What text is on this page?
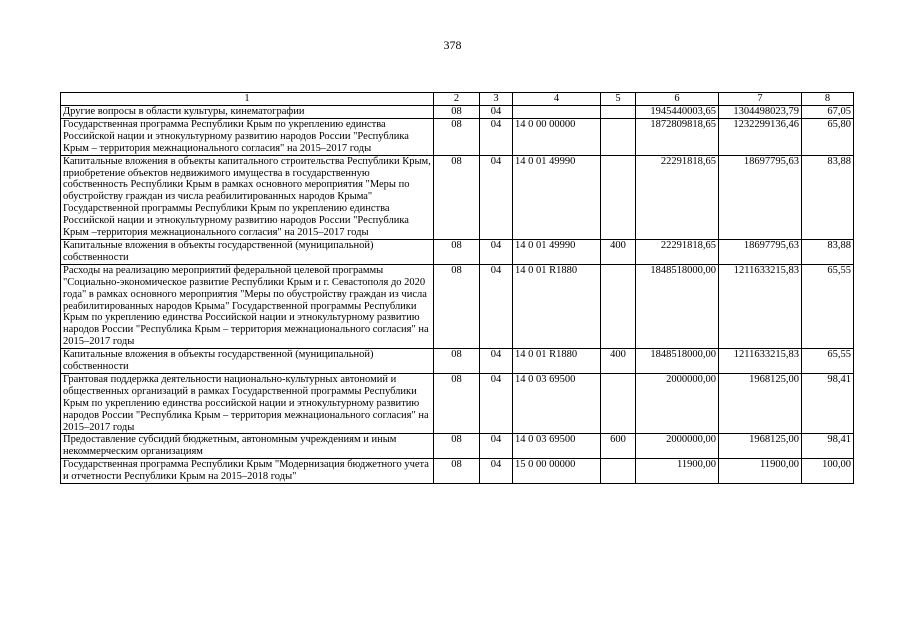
378
1	2	3	4	5	6	7	8
Другие вопросы в области культуры, кинематографии	08	04			1945440003,65	1304498023,79	67,05
Государственная программа Республики Крым по укреплению единства Российской нации и этнокультурному развитию народов России "Республика Крым – территория межнационального согласия" на 2015–2017 годы	08	04	14 0 00 00000		1872809818,65	1232299136,46	65,80
Капитальные вложения в объекты капитального строительства Республики Крым, приобретение объектов недвижимого имущества в государственную собственность Республики Крым в рамках основного мероприятия "Меры по обустройству граждан из числа реабилитированных народов Крыма" Государственной программы Республики Крым по укреплению единства Российской нации и этнокультурному развитию народов России "Республика Крым –территория межнационального согласия" на 2015–2017 годы	08	04	14 0 01 49990		22291818,65	18697795,63	83,88
Капитальные вложения в объекты государственной (муниципальной) собственности	08	04	14 0 01 49990	400	22291818,65	18697795,63	83,88
Расходы на реализацию мероприятий федеральной целевой программы "Социально-экономическое развитие Республики Крым и г. Севастополя до 2020 года" в рамках основного мероприятия "Меры по обустройству граждан из числа реабилитированных народов Крыма" Государственной программы Республики Крым по укреплению единства Российской нации и этнокультурному развитию народов России "Республика Крым – территория межнационального согласия" на 2015–2017 годы	08	04	14 0 01 R1880		1848518000,00	1211633215,83	65,55
Капитальные вложения в объекты государственной (муниципальной) собственности	08	04	14 0 01 R1880	400	1848518000,00	1211633215,83	65,55
Грантовая поддержка деятельности национально-культурных автономий и общественных организаций в рамках Государственной программы Республики Крым по укреплению единства российской нации и этнокультурному развитию народов России "Республика Крым – территория межнационального согласия" на 2015–2017 годы	08	04	14 0 03 69500		2000000,00	1968125,00	98,41
Предоставление субсидий бюджетным, автономным учреждениям и иным некоммерческим организациям	08	04	14 0 03 69500	600	2000000,00	1968125,00	98,41
Государственная программа Республики Крым "Модернизация бюджетного учета и отчетности Республики Крым на 2015–2018 годы"	08	04	15 0 00 00000		11900,00	11900,00	100,00
